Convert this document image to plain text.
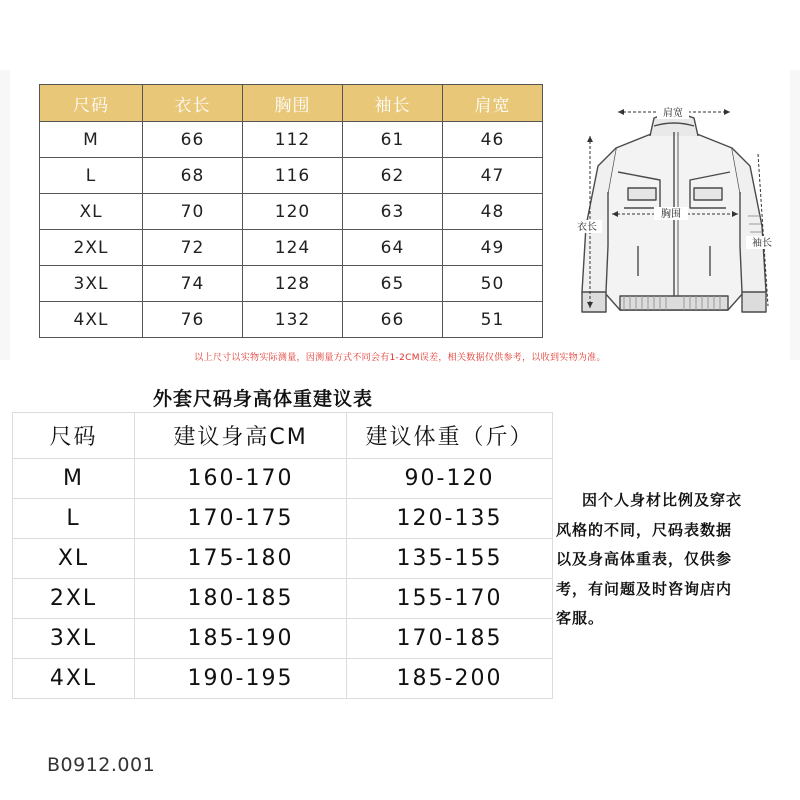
尺码	衣长	胸围	袖长	肩宽
M	66	112	61	46
L	68	116	62	47
XL	70	120	63	48
2XL	72	124	64	49
3XL	74	128	65	50
4XL	76	132	66	51
肩宽
胸围
衣长
袖长
以上尺寸以实物实际测量，因测量方式不同会有1-2CM误差，相关数据仅供参考，以收到实物为准。
外套尺码身高体重建议表
尺码	建议身高CM	建议体重（斤）
M	160-170	90-120
L	170-175	120-135
XL	175-180	135-155
2XL	180-185	155-170
3XL	185-190	170-185
4XL	190-195	185-200
因个人身材比例及穿衣
风格的不同，尺码表数据
以及身高体重表，仅供参
考，有问题及时咨询店内
客服。
B0912.001
